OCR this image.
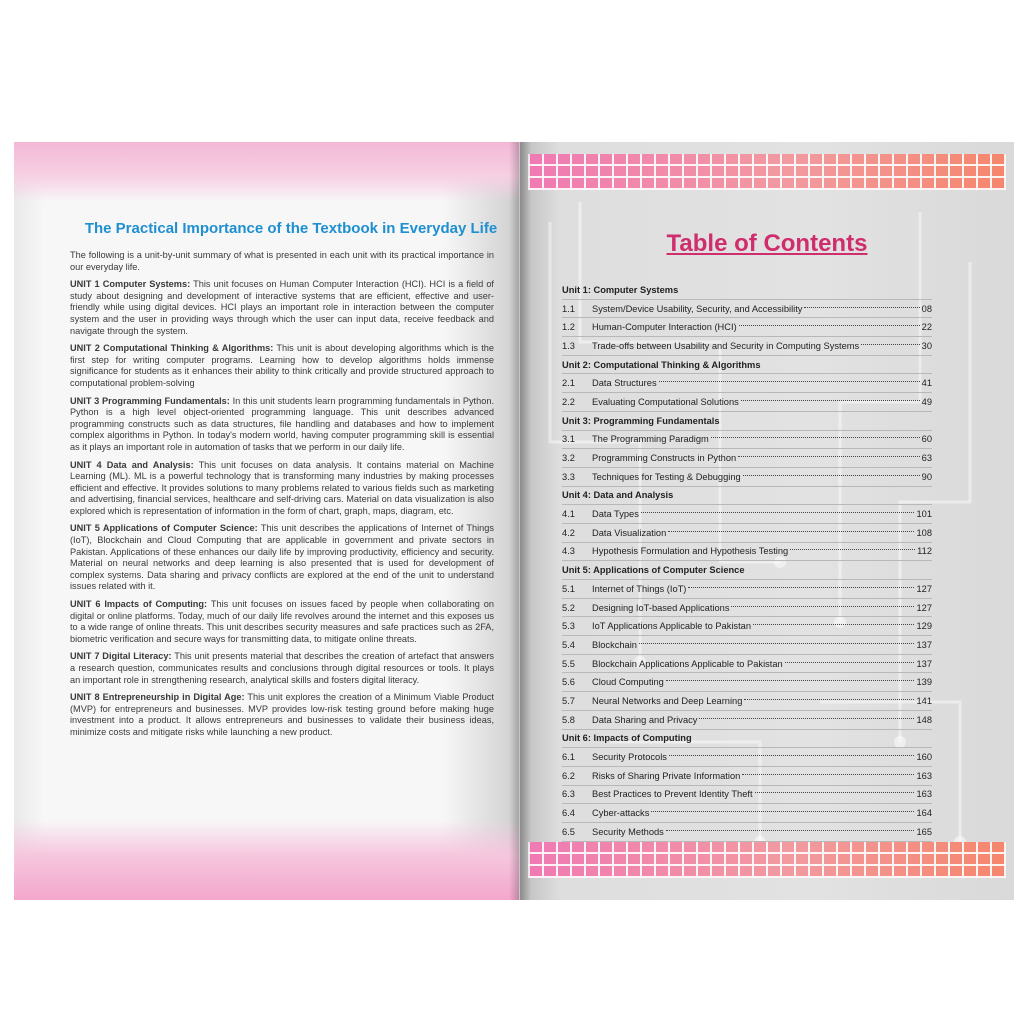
The Practical Importance of the Textbook in Everyday Life

The following is a unit-by-unit summary of what is presented in each unit with its practical importance in our everyday life.

UNIT 1 Computer Systems: This unit focuses on Human Computer Interaction (HCI). HCI is a field of study about designing and development of interactive systems that are efficient, effective and user-friendly while using digital devices. HCI plays an important role in interaction between the computer system and the user in providing ways through which the user can input data, receive feedback and navigate through the system.

UNIT 2 Computational Thinking & Algorithms: This unit is about developing algorithms which is the first step for writing computer programs. Learning how to develop algorithms holds immense significance for students as it enhances their ability to think critically and provide structured approach to computational problem-solving

UNIT 3 Programming Fundamentals: In this unit students learn programming fundamentals in Python. Python is a high level object-oriented programming language. This unit describes advanced programming constructs such as data structures, file handling and databases and how to implement complex algorithms in Python. In today's modern world, having computer programming skill is essential as it plays an important role in automation of tasks that we perform in our daily life.

UNIT 4 Data and Analysis: This unit focuses on data analysis. It contains material on Machine Learning (ML). ML is a powerful technology that is transforming many industries by making processes efficient and effective. It provides solutions to many problems related to various fields such as marketing and advertising, financial services, healthcare and self-driving cars. Material on data visualization is also explored which is representation of information in the form of chart, graph, maps, diagram, etc.

UNIT 5 Applications of Computer Science: This unit describes the applications of Internet of Things (IoT), Blockchain and Cloud Computing that are applicable in government and private sectors in Pakistan. Applications of these enhances our daily life by improving productivity, efficiency and security. Material on neural networks and deep learning is also presented that is used for development of complex systems. Data sharing and privacy conflicts are explored at the end of the unit to understand issues related with it.

UNIT 6 Impacts of Computing: This unit focuses on issues faced by people when collaborating on digital or online platforms. Today, much of our daily life revolves around the internet and this exposes us to a wide range of online threats. This unit describes security measures and safe practices such as 2FA, biometric verification and secure ways for transmitting data, to mitigate online threats.

UNIT 7 Digital Literacy: This unit presents material that describes the creation of artefact that answers a research question, communicates results and conclusions through digital resources or tools. It plays an important role in strengthening research, analytical skills and fosters digital literacy.

UNIT 8 Entrepreneurship in Digital Age: This unit explores the creation of a Minimum Viable Product (MVP) for entrepreneurs and businesses. MVP provides low-risk testing ground before making huge investment into a product. It allows entrepreneurs and businesses to validate their business ideas, minimize costs and mitigate risks while launching a new product.

Table of Contents
Unit 1: Computer Systems
1.1	System/Device Usability, Security, and Accessibility	08
1.2	Human-Computer Interaction (HCI)	22
1.3	Trade-offs between Usability and Security in Computing Systems	30
Unit 2: Computational Thinking & Algorithms
2.1	Data Structures	41
2.2	Evaluating Computational Solutions	49
Unit 3: Programming Fundamentals
3.1	The Programming Paradigm	60
3.2	Programming Constructs in Python	63
3.3	Techniques for Testing & Debugging	90
Unit 4: Data and Analysis
4.1	Data Types	101
4.2	Data Visualization	108
4.3	Hypothesis Formulation and Hypothesis Testing	112
Unit 5: Applications of Computer Science
5.1	Internet of Things (IoT)	127
5.2	Designing IoT-based Applications	127
5.3	IoT Applications Applicable to Pakistan	129
5.4	Blockchain	137
5.5	Blockchain Applications Applicable to Pakistan	137
5.6	Cloud Computing	139
5.7	Neural Networks and Deep Learning	141
5.8	Data Sharing and Privacy	148
Unit 6: Impacts of Computing
6.1	Security Protocols	160
6.2	Risks of Sharing Private Information	163
6.3	Best Practices to Prevent Identity Theft	163
6.4	Cyber-attacks	164
6.5	Security Methods	165
